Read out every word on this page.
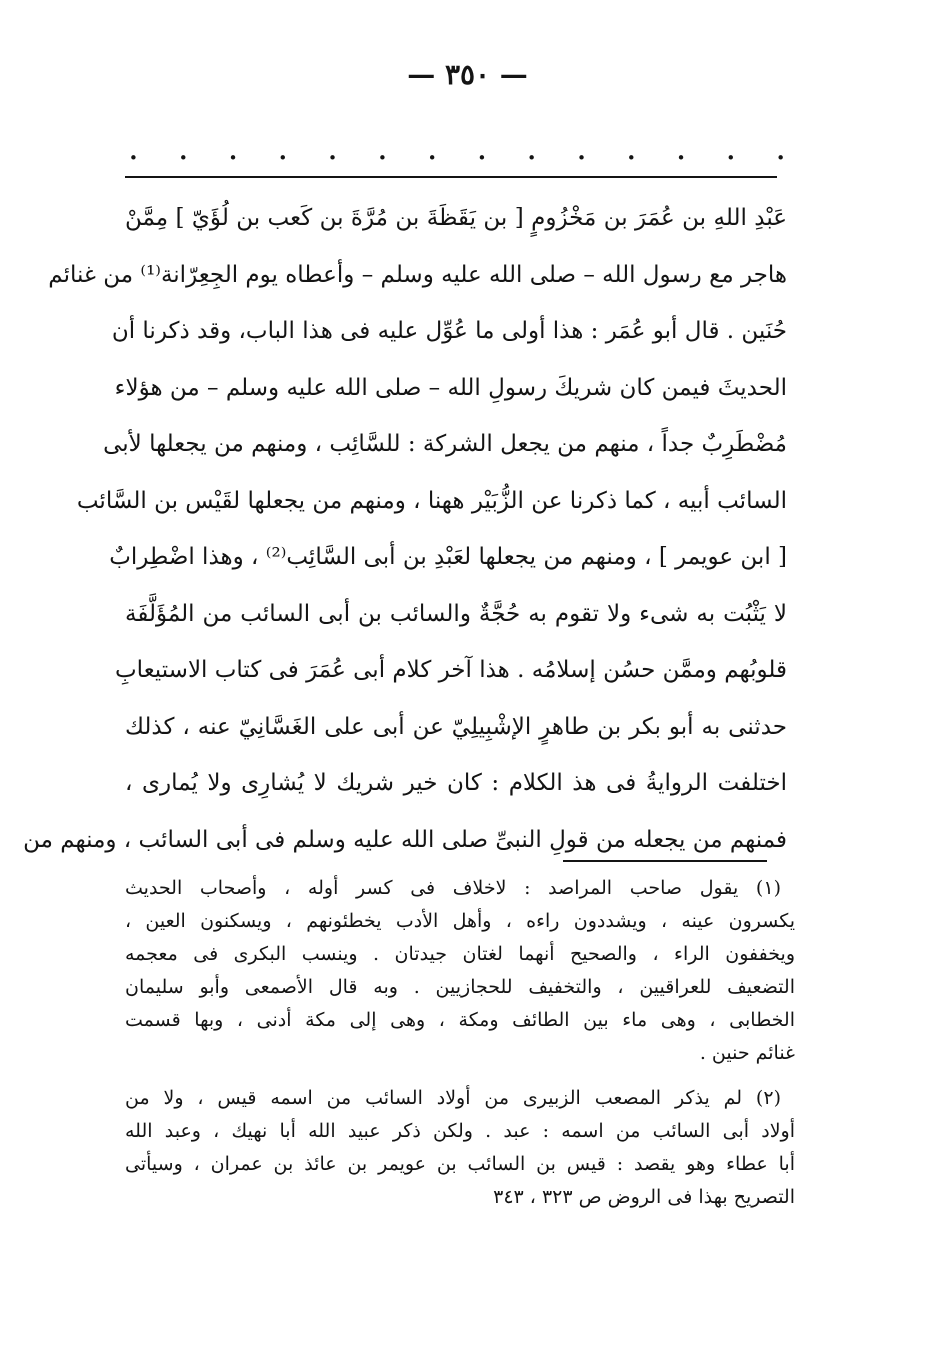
— ٣٥٠ —
.
.
.
.
.
.
.
.
.
.
.
.
.
.
عَبْدِ اللهِ بن عُمَرَ بن مَخْزُومٍ [ بن يَقَظَةَ بن مُرَّةَ بن كَعب بن لُؤَيّ ] مِمَّنْ
هاجر مع رسول الله – صلى الله عليه وسلم – وأعطاه يوم الجِعِرّانة⁽¹⁾ من غنائم
حُنَين . قال أبو عُمَر : هذا أولى ما عُوِّل عليه فى هذا الباب، وقد ذكرنا أن
الحديثَ فيمن كان شريكَ رسولِ الله – صلى الله عليه وسلم – من هؤلاء
مُضْطَرِبٌ جداً ، منهم من يجعل الشركة : للسَّائِب ، ومنهم من يجعلها لأبى
السائب أبيه ، كما ذكرنا عن الزُّبَيْر ههنا ، ومنهم من يجعلها لقَيْس بن السَّائب
[ ابن عويمر ] ، ومنهم من يجعلها لعَبْدِ بن أبى السَّائِب⁽²⁾ ، وهذا اضْطِرابٌ
لا يَثْبُت به شىء ولا تقوم به حُجَّةٌ والسائب بن أبى السائب من المُؤَلَّفَة
قلوبُهم وممَّن حسُن إسلامُه . هذا آخر كلام أبى عُمَرَ فى كتاب الاستيعابِ
حدثنى به أبو بكر بن طاهرٍ الإشْبِيلِيّ عن أبى على الغَسَّانِيّ عنه ، كذلك
اختلفت الروايةُ فى هذ الكلام : كان خير شريك لا يُشارِى ولا يُمارى ،
فمنهم من يجعله من قولِ النبىِّ صلى الله عليه وسلم فى أبى السائب ، ومنهم من
(١) يقول صاحب المراصد : لاخلاف فى كسر أوله ، وأصحاب الحديث
يكسرون عينه ، ويشددون راءه ، وأهل الأدب يخطئونهم ، ويسكنون العين ،
ويخففون الراء ، والصحيح أنهما لغتان جيدتان . وينسب البكرى فى معجمه
التضعيف للعراقيين ، والتخفيف للحجازيين . وبه قال الأصمعى وأبو سليمان
الخطابى ، وهى ماء بين الطائف ومكة ، وهى إلى مكة أدنى ، وبها قسمت
غنائم حنين .
(٢) لم يذكر المصعب الزبيرى من أولاد السائب من اسمه قيس ، ولا من
أولاد أبى السائب من اسمه : عبد . ولكن ذكر عبيد الله أبا نهيك ، وعبد الله
أبا عطاء وهو يقصد : قيس بن السائب بن عويمر بن عائذ بن عمران ، وسيأتى
التصريح بهذا فى الروض ص ٣٢٣ ، ٣٤٣
